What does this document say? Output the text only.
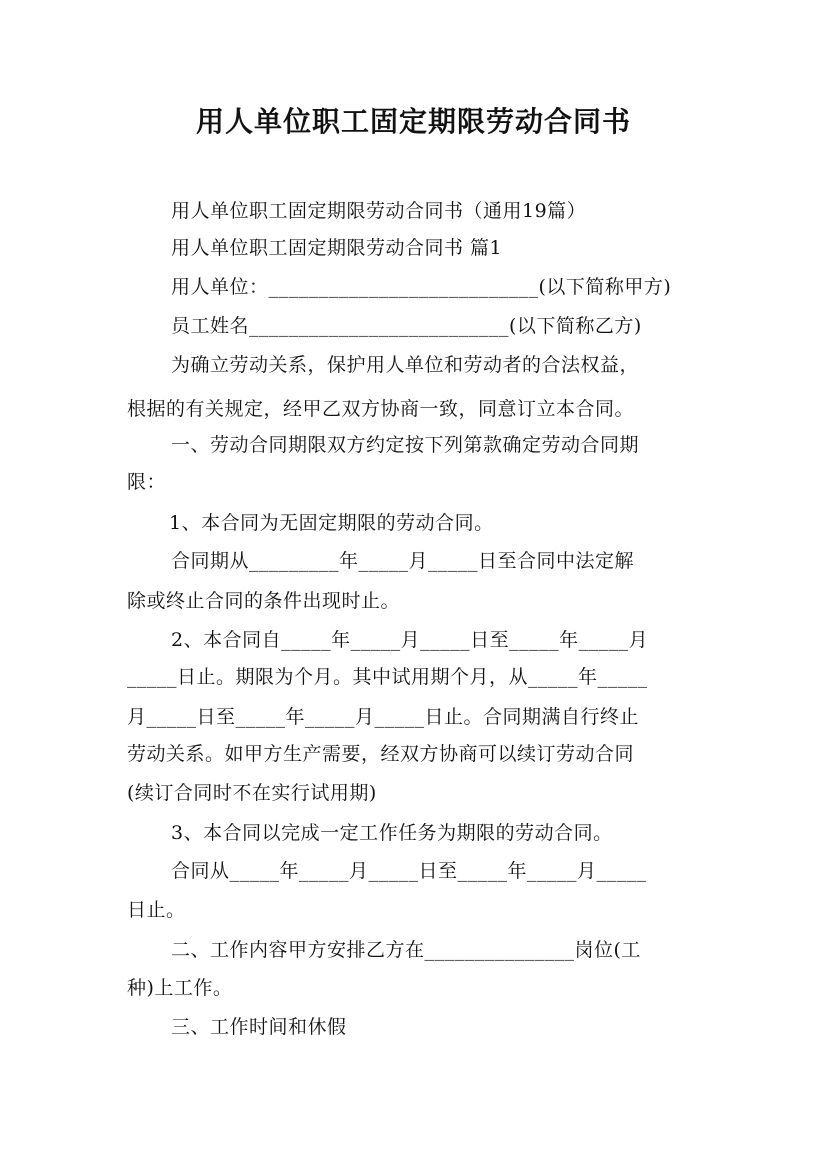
用人单位职工固定期限劳动合同书
用人单位职工固定期限劳动合同书（通用19篇）
用人单位职工固定期限劳动合同书 篇1
用人单位：___________________________(以下简称甲方)
员工姓名__________________________(以下简称乙方)
为确立劳动关系，保护用人单位和劳动者的合法权益，
根据的有关规定，经甲乙双方协商一致，同意订立本合同。
一、劳动合同期限双方约定按下列第款确定劳动合同期
限：
1、本合同为无固定期限的劳动合同。
合同期从_________年_____月_____日至合同中法定解
除或终止合同的条件出现时止。
2、本合同自_____年_____月_____日至_____年_____月
_____日止。期限为个月。其中试用期个月，从_____年_____
月_____日至_____年_____月_____日止。合同期满自行终止
劳动关系。如甲方生产需要，经双方协商可以续订劳动合同
(续订合同时不在实行试用期)
3、本合同以完成一定工作任务为期限的劳动合同。
合同从_____年_____月_____日至_____年_____月_____
日止。
二、工作内容甲方安排乙方在_______________岗位(工
种)上工作。
三、工作时间和休假
